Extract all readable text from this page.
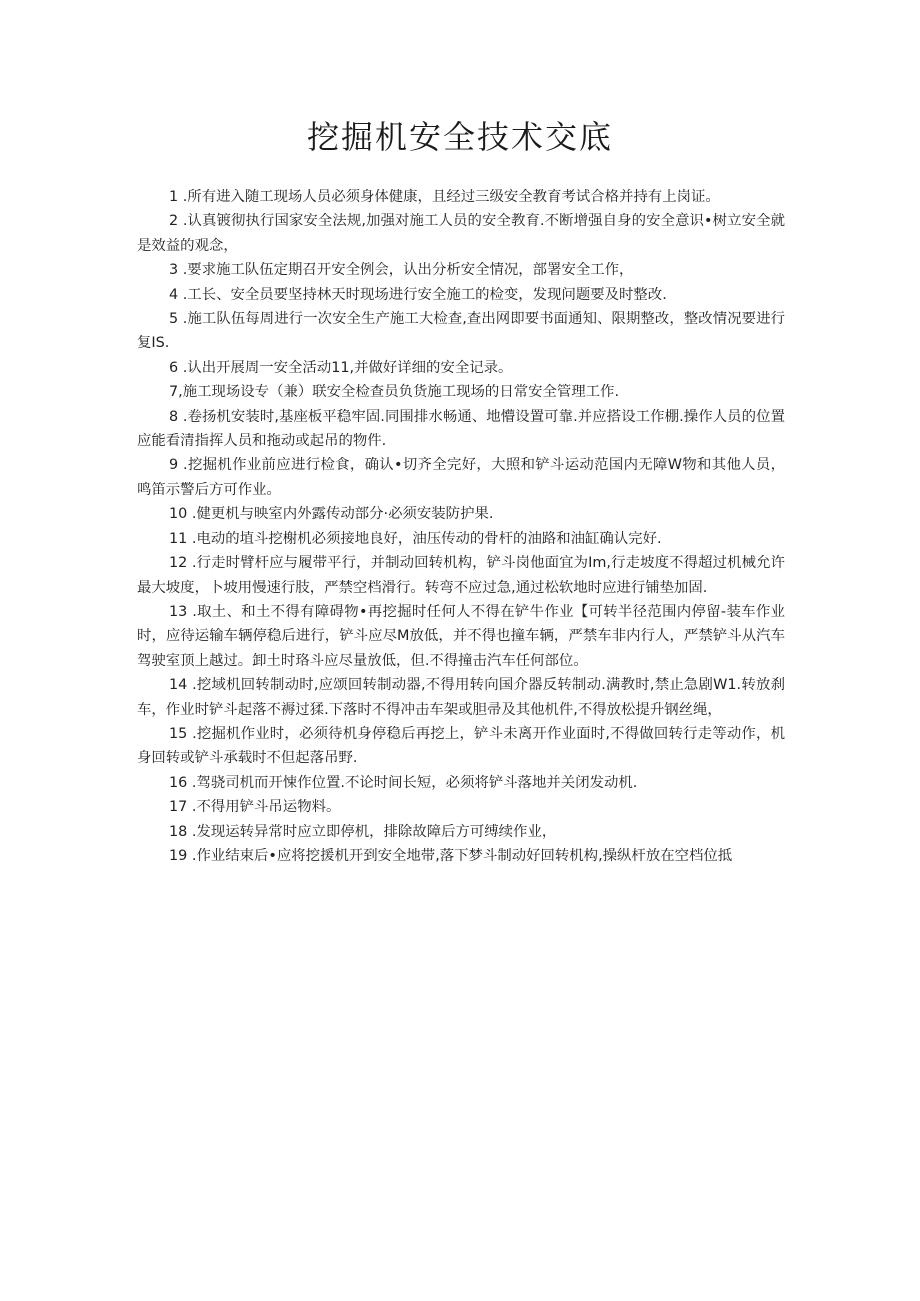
挖掘机安全技术交底

1 .所有进入随工现场人员必须身体健康，且经过三级安全教育考试合格并持有上岗证。

2 .认真镀彻执行国家安全法规,加强对施工人员的安全教育.不断增强自身的安全意识•树立安全就是效益的观念，

3 .要求施工队伍定期召开安全例会，认出分析安全情况，部署安全工作，

4 .工长、安全员要坚持林天时现场进行安全施工的检变，发现问题要及时整改.

5 .施工队伍每周进行一次安全生产施工大检查,查出网即要书面通知、限期整改，整改情况要进行复IS.

6 .认出开展周一安全活动11,并做好详细的安全记录。

7,施工现场设专（兼）联安全检查员负货施工现场的日常安全管理工作.

8 .卷扬机安装时,基座板平稳牢固.同围排水畅通、地懵设置可靠.并应搭设工作棚.操作人员的位置应能看清指挥人员和拖动或起吊的物件.

9 .挖掘机作业前应进行检食，确认•切齐全完好，大照和铲斗运动范国内无障W物和其他人员，鸣笛示警后方可作业。

10 .健更机与映室内外露传动部分·必须安装防护果.

11 .电动的埴斗挖榭机必须接地良好，油压传动的骨杆的油路和油缸确认完好.

12 .行走时臂杆应与履带平行，并制动回转机构，铲斗岗他面宜为Im,行走坡度不得超过机械允许最大坡度，卜坡用慢速行肢，严禁空档滑行。转弯不应过急,通过松软地时应进行铺垫加固.

13 .取土、和土不得有障碍物•再挖掘时任何人不得在铲牛作业【可转半径范围内停留-装车作业时，应待运输车辆停稳后进行，铲斗应尽M放低，并不得也撞车辆，严禁车非内行人，严禁铲斗从汽车驾驶室顶上越过。卸土时珞斗应尽量放低，但.不得撞击汽车任何部位。

14 .挖域机回转制动时,应颂回转制动器,不得用转向国介器反转制动.满教时,禁止急剧W1.转放刹车，作业时铲斗起落不褥过猱.下落时不得冲击车架或胆帚及其他机件,不得放松提升钢丝绳，

15 .挖掘机作业时，必须待机身停稳后再挖上，铲斗未离开作业面时,不得做回转行走等动作，机身回转或铲斗承载时不但起落吊野.

16 .驾骁司机而开悚作位置.不论时间长短，必须将铲斗落地并关闭发动机.

17 .不得用铲斗吊运物料。

18 .发现运转异常时应立即停机，排除故障后方可缚续作业，

19 .作业结束后•应将挖援机开到安全地带,落下梦斗制动好回转机构,操纵杆放在空档位抵
